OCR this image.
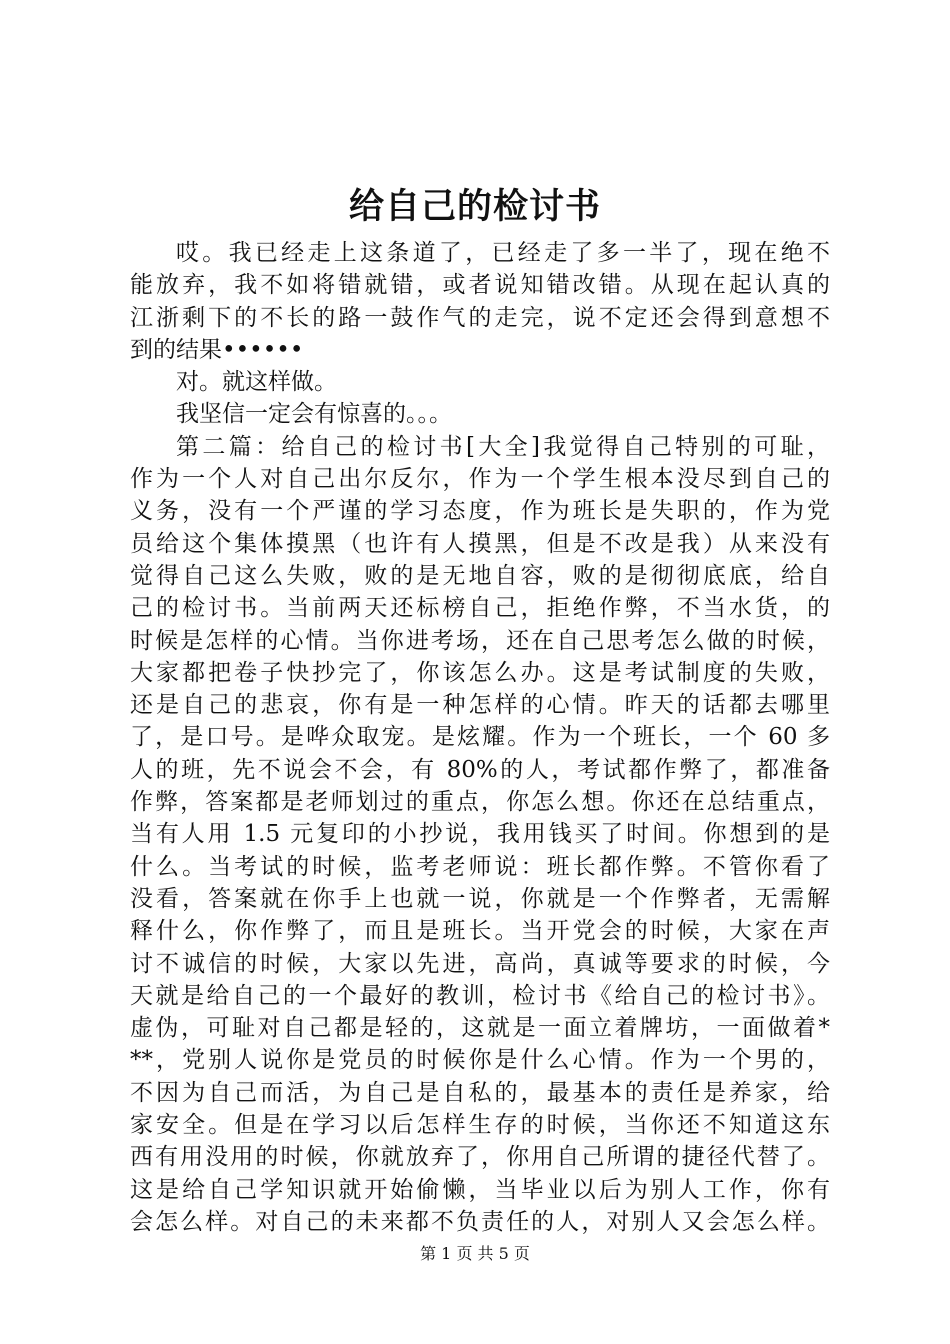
给自己的检讨书
哎。我已经走上这条道了，已经走了多一半了，现在绝不
能放弃，我不如将错就错，或者说知错改错。从现在起认真的
江浙剩下的不长的路一鼓作气的走完，说不定还会得到意想不
到的结果••••••
对。就这样做。
我坚信一定会有惊喜的。。。
第二篇：给自己的检讨书[大全]我觉得自己特别的可耻，
作为一个人对自己出尔反尔，作为一个学生根本没尽到自己的
义务，没有一个严谨的学习态度，作为班长是失职的，作为党
员给这个集体摸黑（也许有人摸黑，但是不改是我）从来没有
觉得自己这么失败，败的是无地自容，败的是彻彻底底，给自
己的检讨书。当前两天还标榜自己，拒绝作弊，不当水货，的
时候是怎样的心情。当你进考场，还在自己思考怎么做的时候，
大家都把卷子快抄完了，你该怎么办。这是考试制度的失败，
还是自己的悲哀，你有是一种怎样的心情。昨天的话都去哪里
了，是口号。是哗众取宠。是炫耀。作为一个班长，一个 60 多
人的班，先不说会不会，有 80%的人，考试都作弊了，都准备
作弊，答案都是老师划过的重点，你怎么想。你还在总结重点，
当有人用 1.5 元复印的小抄说，我用钱买了时间。你想到的是
什么。当考试的时候，监考老师说：班长都作弊。不管你看了
没看，答案就在你手上也就一说，你就是一个作弊者，无需解
释什么，你作弊了，而且是班长。当开党会的时候，大家在声
讨不诚信的时候，大家以先进，高尚，真诚等要求的时候，今
天就是给自己的一个最好的教训，检讨书《给自己的检讨书》。
虚伪，可耻对自己都是轻的，这就是一面立着牌坊，一面做着*
**，党别人说你是党员的时候你是什么心情。作为一个男的，
不因为自己而活，为自己是自私的，最基本的责任是养家，给
家安全。但是在学习以后怎样生存的时候，当你还不知道这东
西有用没用的时候，你就放弃了，你用自己所谓的捷径代替了。
这是给自己学知识就开始偷懒，当毕业以后为别人工作，你有
会怎么样。对自己的未来都不负责任的人，对别人又会怎么样。
第 1 页 共 5 页
